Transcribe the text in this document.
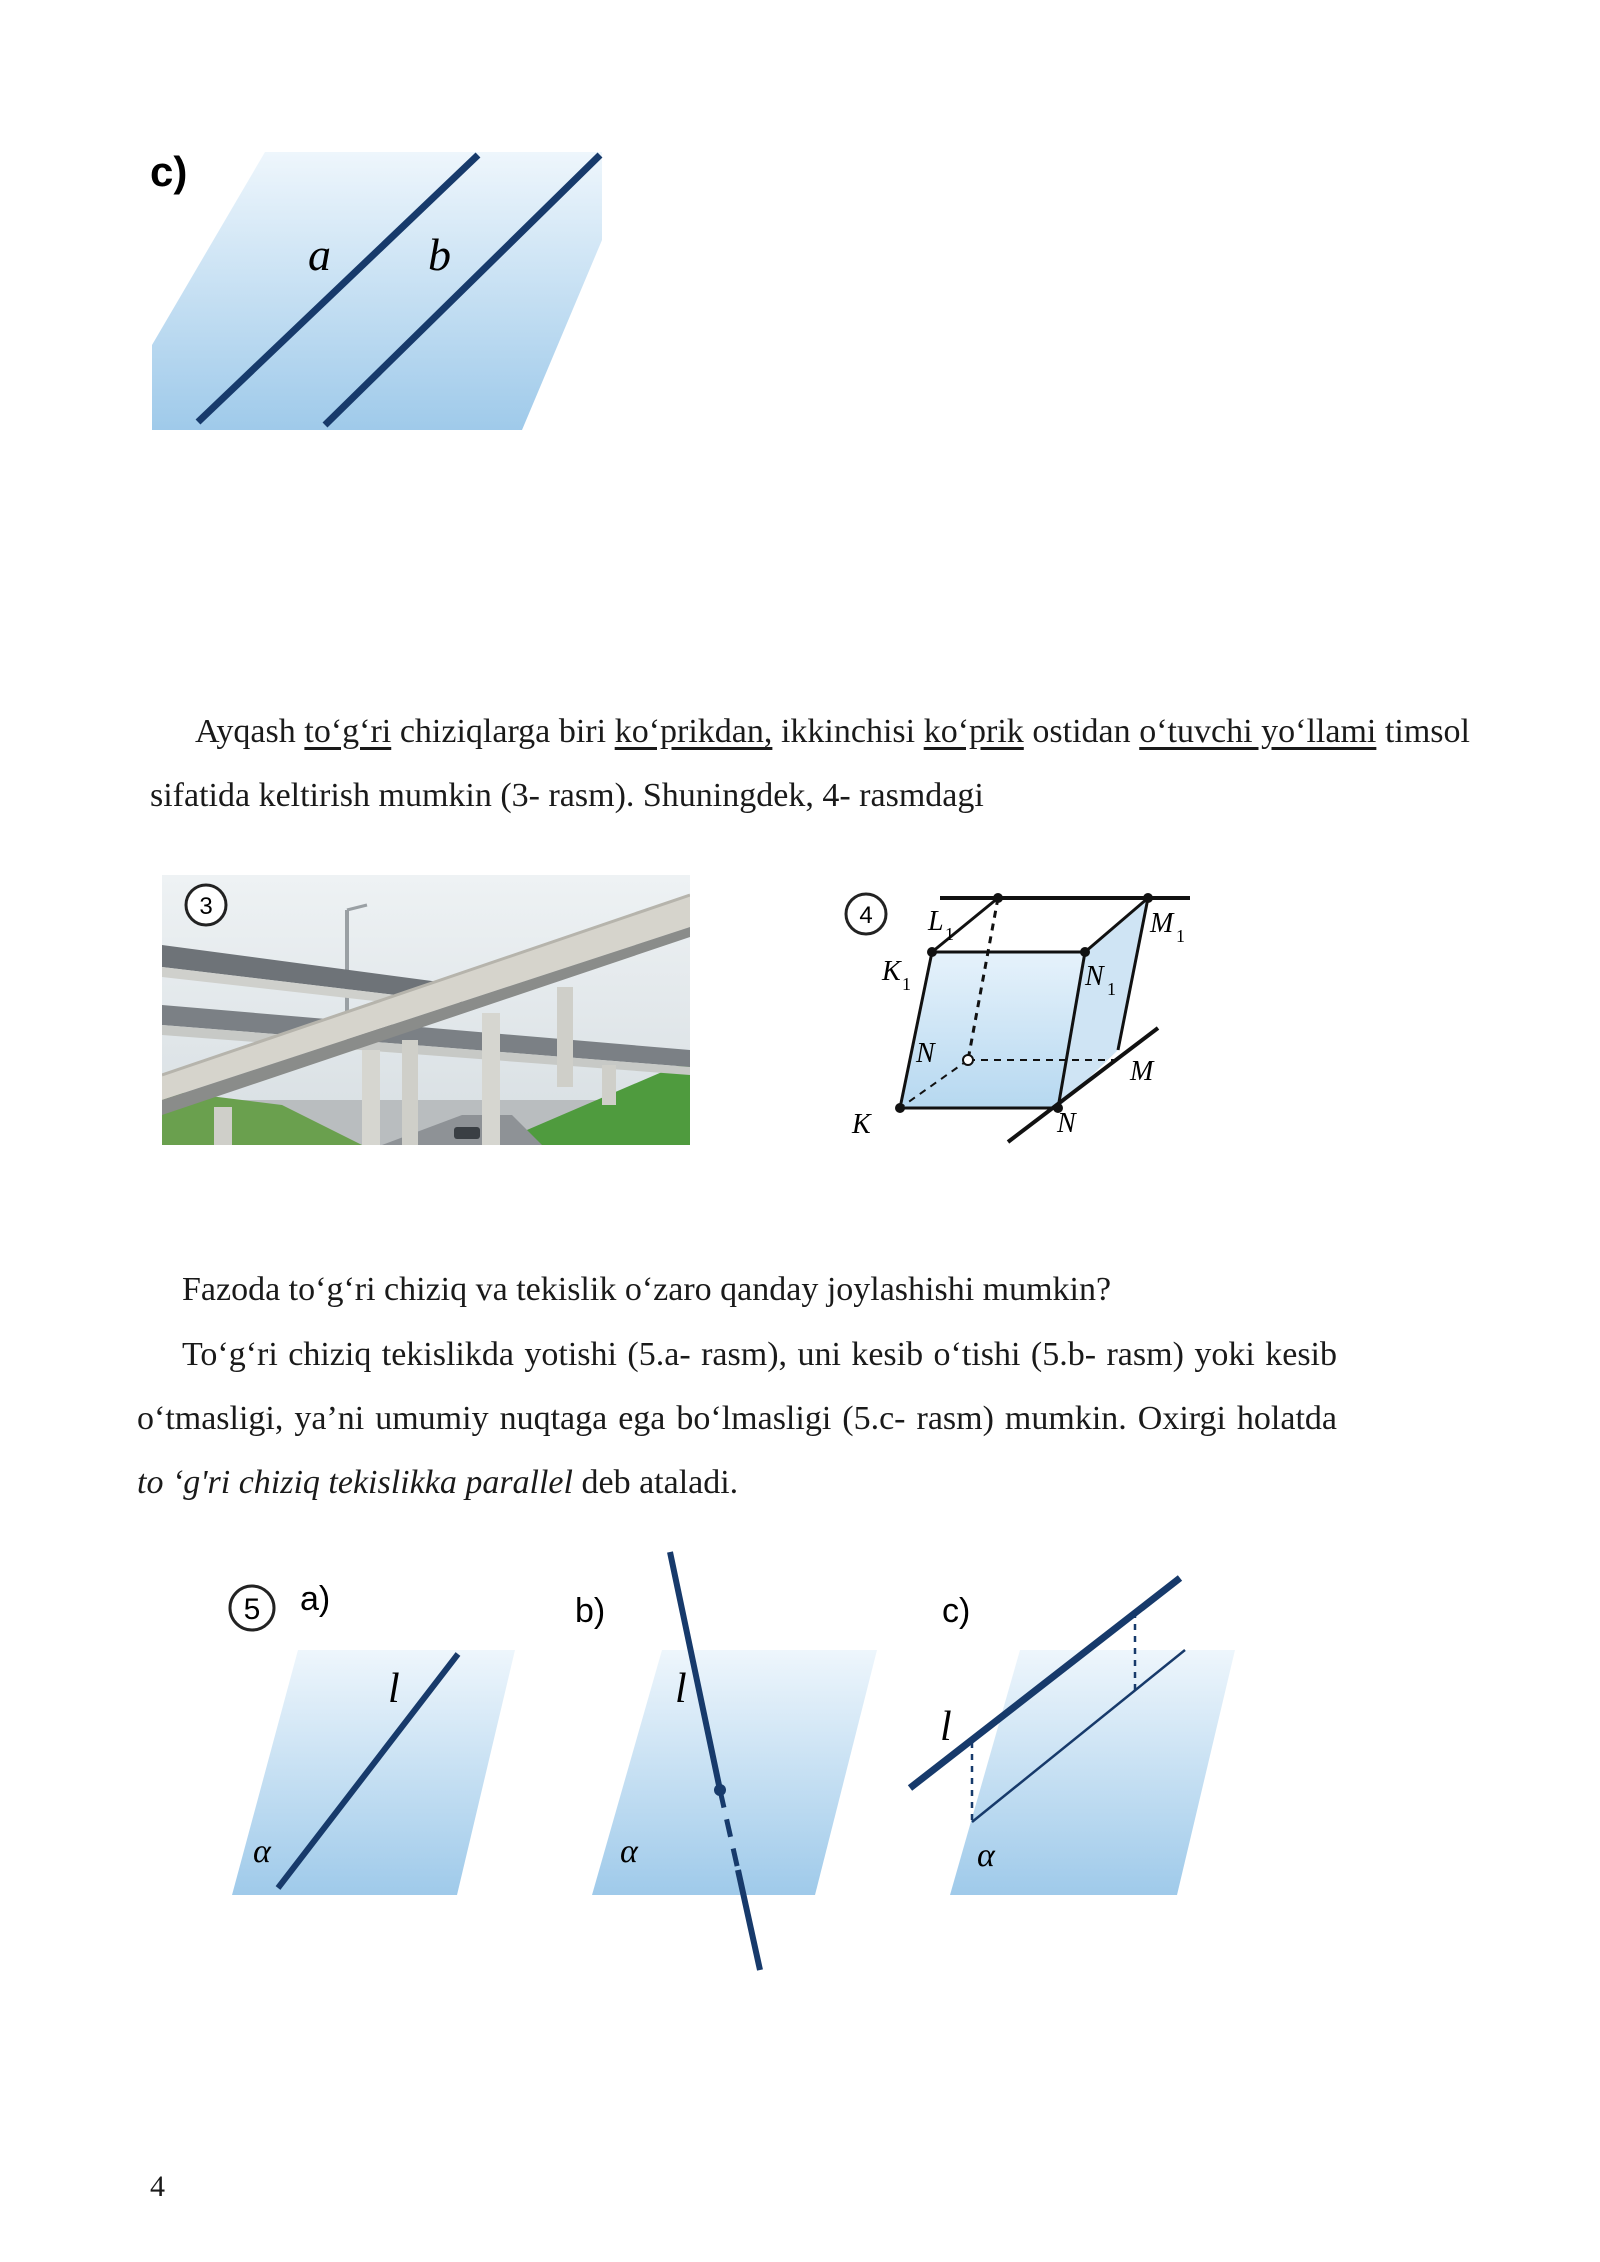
c)
a b

Ayqash to‘g‘ri chiziqlarga biri ko‘prikdan, ikkinchisi ko‘prik ostidan o‘tuvchi yo‘llami timsol sifatida keltirish mumkin (3- rasm). Shuningdek, 4- rasmdagi

3	4 L 1	M 1
K 1	N 1
N
M
K	N

Fazoda to‘g‘ri chiziq va tekislik o‘zaro qanday joylashishi mumkin?

To‘g‘ri chiziq tekislikda yotishi (5.a- rasm), uni kesib o‘tishi (5.b- rasm) yoki kesib o‘tmasligi, ya’ni umumiy nuqtaga ega bo‘lmasligi (5.c- rasm) mumkin. Oxirgi holatda to ‘g'ri chiziq tekislikka parallel deb ataladi.

5 a)
l
α
b)
l
α
c)
l
α
4
